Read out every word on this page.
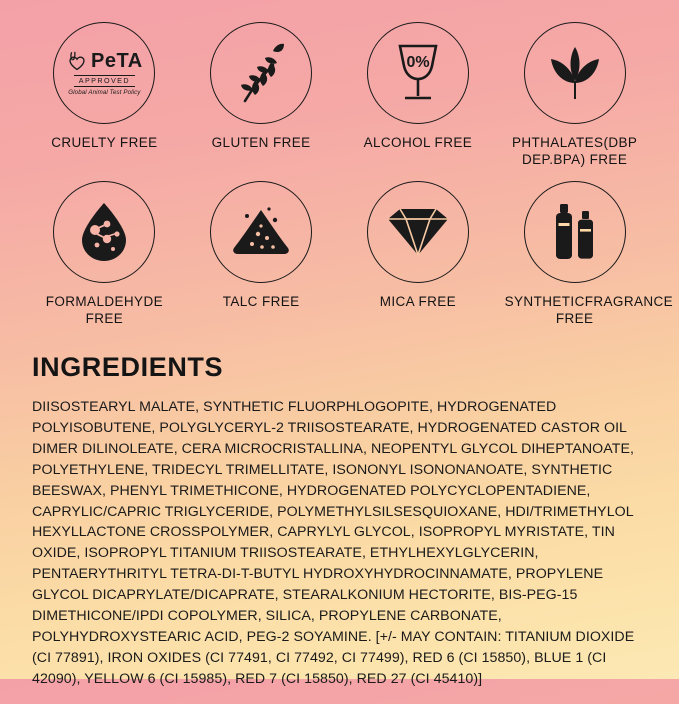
PeTA
APPROVED
Global Animal Test Policy
CRUELTY FREE	GLUTEN FREE
0%
ALCOHOL FREE	PHTHALATES(DBP DEP.BPA) FREE
FORMALDEHYDE FREE
TALC FREE	MICA FREE	SYNTHETICFRAGRANCE FREE
INGREDIENTS

DIISOSTEARYL MALATE, SYNTHETIC FLUORPHLOGOPITE, HYDROGENATED POLYISOBUTENE, POLYGLYCERYL-2 TRIISOSTEARATE, HYDROGENATED CASTOR OIL DIMER DILINOLEATE, CERA MICROCRISTALLINA, NEOPENTYL GLYCOL DIHEPTANOATE, POLYETHYLENE, TRIDECYL TRIMELLITATE, ISONONYL ISONONANOATE, SYNTHETIC BEESWAX, PHENYL TRIMETHICONE, HYDROGENATED POLYCYCLOPENTADIENE, CAPRYLIC/CAPRIC TRIGLYCERIDE, POLYMETHYLSILSESQUIOXANE, HDI/TRIMETHYLOL HEXYLLACTONE CROSSPOLYMER, CAPRYLYL GLYCOL, ISOPROPYL MYRISTATE, TIN OXIDE, ISOPROPYL TITANIUM TRIISOSTEARATE, ETHYLHEXYLGLYCERIN, PENTAERYTHRITYL TETRA-DI-T-BUTYL HYDROXYHYDROCINNAMATE, PROPYLENE GLYCOL DICAPRYLATE/DICAPRATE, STEARALKONIUM HECTORITE, BIS-PEG-15 DIMETHICONE/IPDI COPOLYMER, SILICA, PROPYLENE CARBONATE, POLYHYDROXYSTEARIC ACID, PEG-2 SOYAMINE. [+/- MAY CONTAIN: TITANIUM DIOXIDE (CI 77891), IRON OXIDES (CI 77491, CI 77492, CI 77499), RED 6 (CI 15850), BLUE 1 (CI 42090), YELLOW 6 (CI 15985), RED 7 (CI 15850), RED 27 (CI 45410)]
